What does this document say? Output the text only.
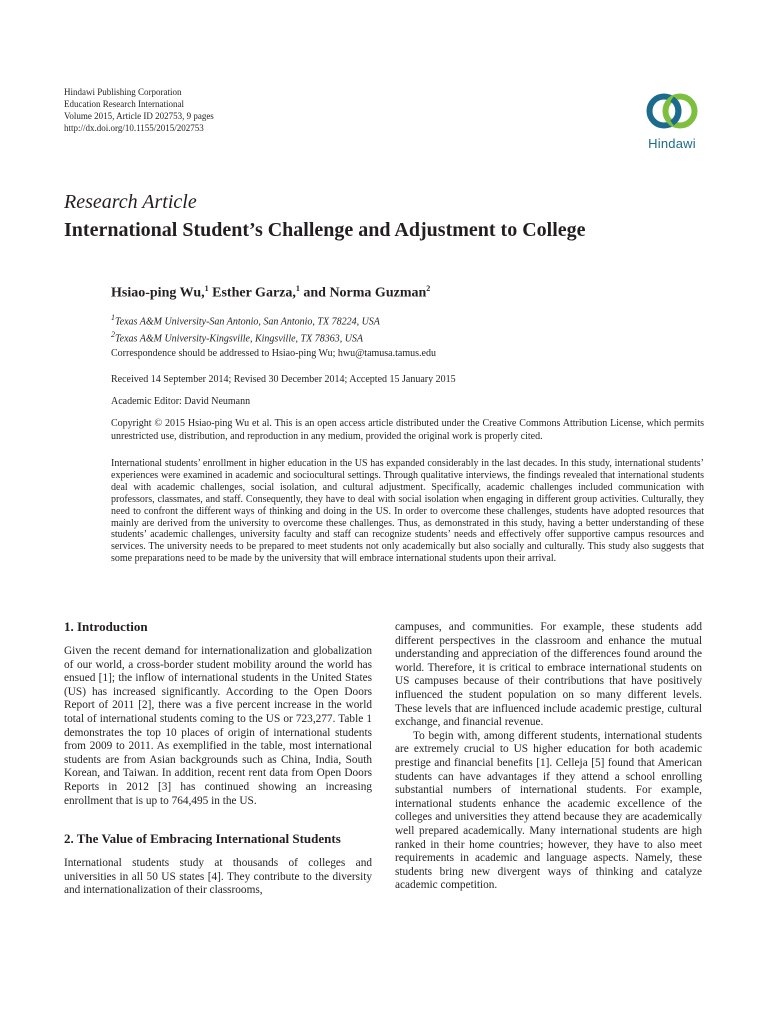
Hindawi Publishing Corporation
Education Research International
Volume 2015, Article ID 202753, 9 pages
http://dx.doi.org/10.1155/2015/202753
Hindawi
Research Article
International Student’s Challenge and Adjustment to College
Hsiao-ping Wu,$^1$ Esther Garza,$^1$ and Norma Guzman$^2$
$^1$Texas A&M University-San Antonio, San Antonio, TX 78224, USA
$^2$Texas A&M University-Kingsville, Kingsville, TX 78363, USA
Correspondence should be addressed to Hsiao-ping Wu; hwu@tamusa.tamus.edu
Received 14 September 2014; Revised 30 December 2014; Accepted 15 January 2015
Academic Editor: David Neumann
Copyright © 2015 Hsiao-ping Wu et al. This is an open access article distributed under the Creative Commons Attribution License, which permits unrestricted use, distribution, and reproduction in any medium, provided the original work is properly cited.
International students’ enrollment in higher education in the US has expanded considerably in the last decades. In this study, international students’ experiences were examined in academic and sociocultural settings. Through qualitative interviews, the findings revealed that international students deal with academic challenges, social isolation, and cultural adjustment. Specifically, academic challenges included communication with professors, classmates, and staff. Consequently, they have to deal with social isolation when engaging in different group activities. Culturally, they need to confront the different ways of thinking and doing in the US. In order to overcome these challenges, students have adopted resources that mainly are derived from the university to overcome these challenges. Thus, as demonstrated in this study, having a better understanding of these students’ academic challenges, university faculty and staff can recognize students’ needs and effectively offer supportive campus resources and services. The university needs to be prepared to meet students not only academically but also socially and culturally. This study also suggests that some preparations need to be made by the university that will embrace international students upon their arrival.
1. Introduction
Given the recent demand for internationalization and globalization of our world, a cross-border student mobility around the world has ensued [1]; the inflow of international students in the United States (US) has increased significantly. According to the Open Doors Report of 2011 [2], there was a five percent increase in the world total of international students coming to the US or 723,277. Table 1 demonstrates the top 10 places of origin of international students from 2009 to 2011. As exemplified in the table, most international students are from Asian backgrounds such as China, India, South Korean, and Taiwan. In addition, recent rent data from Open Doors Reports in 2012 [3] has continued showing an increasing enrollment that is up to 764,495 in the US.
2. The Value of Embracing International Students
International students study at thousands of colleges and universities in all 50 US states [4]. They contribute to the diversity and internationalization of their classrooms,
campuses, and communities. For example, these students add different perspectives in the classroom and enhance the mutual understanding and appreciation of the differences found around the world. Therefore, it is critical to embrace international students on US campuses because of their contributions that have positively influenced the student population on so many different levels. These levels that are influenced include academic prestige, cultural exchange, and financial revenue.
To begin with, among different students, international students are extremely crucial to US higher education for both academic prestige and financial benefits [1]. Celleja [5] found that American students can have advantages if they attend a school enrolling substantial numbers of international students. For example, international students enhance the academic excellence of the colleges and universities they attend because they are academically well prepared academically. Many international students are high ranked in their home countries; however, they have to also meet requirements in academic and language aspects. Namely, these students bring new divergent ways of thinking and catalyze academic competition.
